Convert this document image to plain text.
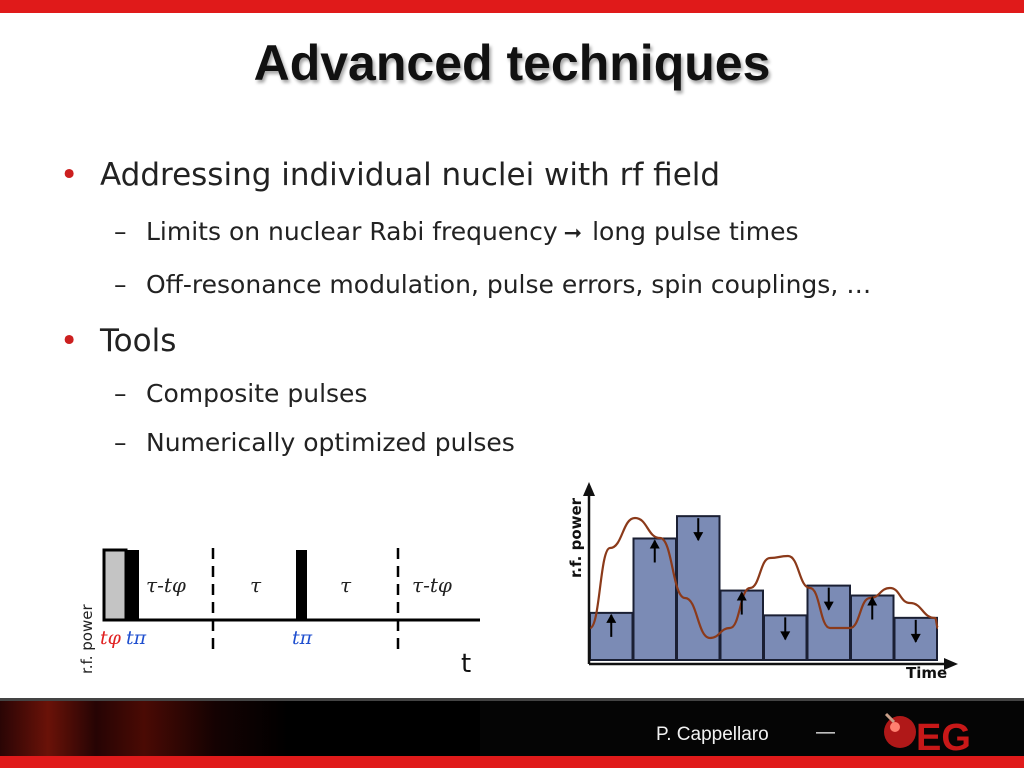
Advanced techniques
• Addressing individual nuclei with rf field
– Limits on nuclear Rabi frequency ➞ long pulse times
– Off-resonance modulation, pulse errors, spin couplings, …
• Tools
– Composite pulses
– Numerically optimized pulses
r.f. power
τ-tφ	τ	τ	τ-tφ
tφ tπ	tπ
t
r.f. power
Time
P. Cappellaro — EG
